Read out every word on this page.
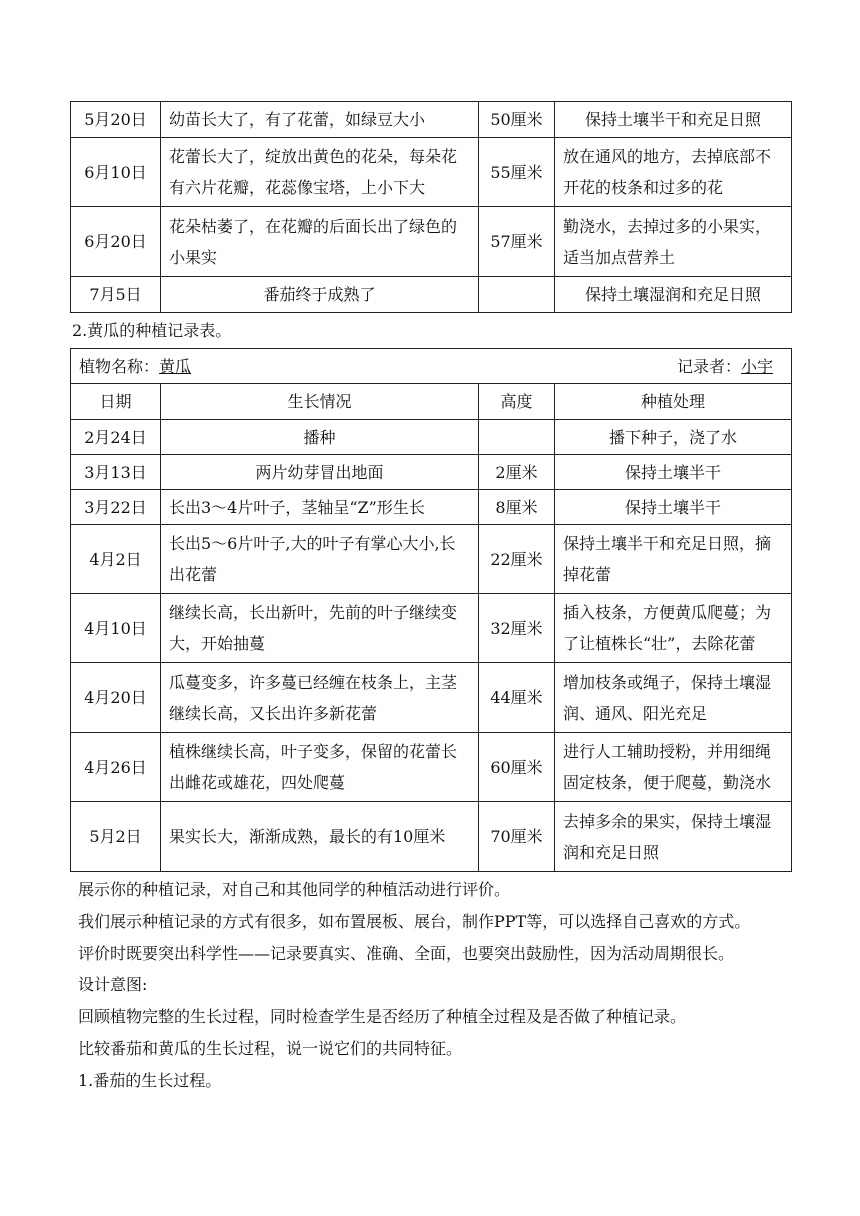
5月20日	幼苗长大了，有了花蕾，如绿豆大小	50厘米	保持土壤半干和充足日照
6月10日	花蕾长大了，绽放出黄色的花朵，每朵花有六片花瓣，花蕊像宝塔，上小下大	55厘米	放在通风的地方，去掉底部不开花的枝条和过多的花
6月20日	花朵枯萎了，在花瓣的后面长出了绿色的小果实	57厘米	勤浇水，去掉过多的小果实，适当加点营养土
7月5日	番茄终于成熟了		保持土壤湿润和充足日照

2.黄瓜的种植记录表。

植物名称：黄瓜 记录者：小宇			

日期	生长情况	高度	种植处理
2月24日	播种		播下种子，浇了水
3月13日	两片幼芽冒出地面	2厘米	保持土壤半干
3月22日	长出3～4片叶子，茎轴呈“Z”形生长	8厘米	保持土壤半干
4月2日	长出5～6片叶子,大的叶子有掌心大小,长出花蕾	22厘米	保持土壤半干和充足日照，摘掉花蕾
4月10日	继续长高，长出新叶，先前的叶子继续变大，开始抽蔓	32厘米	插入枝条，方便黄瓜爬蔓；为了让植株长“壮”，去除花蕾
4月20日	瓜蔓变多，许多蔓已经缠在枝条上，主茎继续长高，又长出许多新花蕾	44厘米	增加枝条或绳子，保持土壤湿润、通风、阳光充足
4月26日	植株继续长高，叶子变多，保留的花蕾长出雌花或雄花，四处爬蔓	60厘米	进行人工辅助授粉，并用细绳固定枝条，便于爬蔓，勤浇水
5月2日	果实长大，渐渐成熟，最长的有10厘米	70厘米	去掉多余的果实，保持土壤湿润和充足日照

展示你的种植记录，对自己和其他同学的种植活动进行评价。

我们展示种植记录的方式有很多，如布置展板、展台，制作PPT等，可以选择自己喜欢的方式。

评价时既要突出科学性——记录要真实、准确、全面，也要突出鼓励性，因为活动周期很长。

设计意图:

回顾植物完整的生长过程，同时检查学生是否经历了种植全过程及是否做了种植记录。

比较番茄和黄瓜的生长过程，说一说它们的共同特征。

1.番茄的生长过程。
